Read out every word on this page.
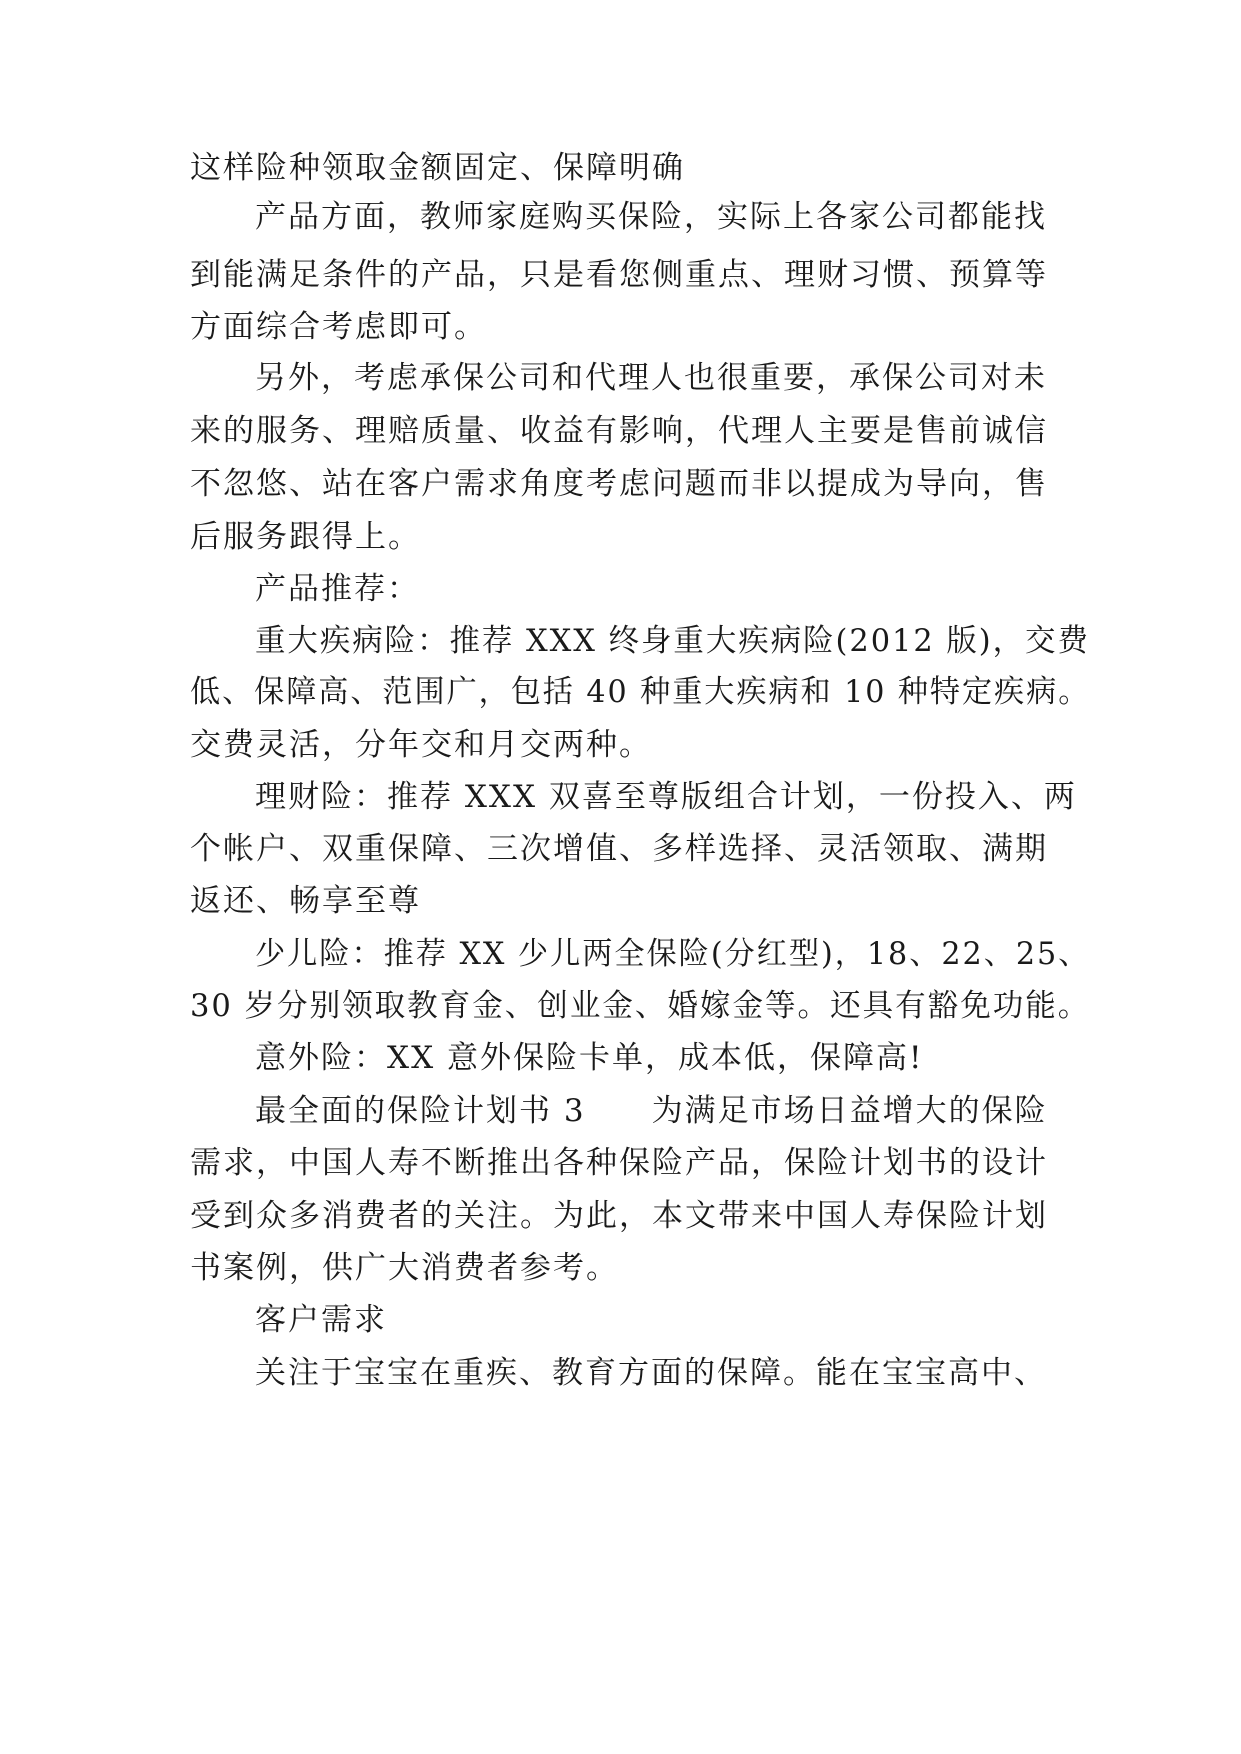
这样险种领取金额固定、保障明确
产品方面，教师家庭购买保险，实际上各家公司都能找
到能满足条件的产品，只是看您侧重点、理财习惯、预算等
方面综合考虑即可。
另外，考虑承保公司和代理人也很重要，承保公司对未
来的服务、理赔质量、收益有影响，代理人主要是售前诚信
不忽悠、站在客户需求角度考虑问题而非以提成为导向，售
后服务跟得上。
产品推荐：
重大疾病险：推荐 XXX 终身重大疾病险(2012 版)，交费
低、保障高、范围广，包括 40 种重大疾病和 10 种特定疾病。
交费灵活，分年交和月交两种。
理财险：推荐 XXX 双喜至尊版组合计划，一份投入、两
个帐户、双重保障、三次增值、多样选择、灵活领取、满期
返还、畅享至尊
少儿险：推荐 XX 少儿两全保险(分红型)，18、22、25、
30 岁分别领取教育金、创业金、婚嫁金等。还具有豁免功能。
意外险：XX 意外保险卡单，成本低，保障高!
最全面的保险计划书 3　　为满足市场日益增大的保险
需求，中国人寿不断推出各种保险产品，保险计划书的设计
受到众多消费者的关注。为此，本文带来中国人寿保险计划
书案例，供广大消费者参考。
客户需求
关注于宝宝在重疾、教育方面的保障。能在宝宝高中、
